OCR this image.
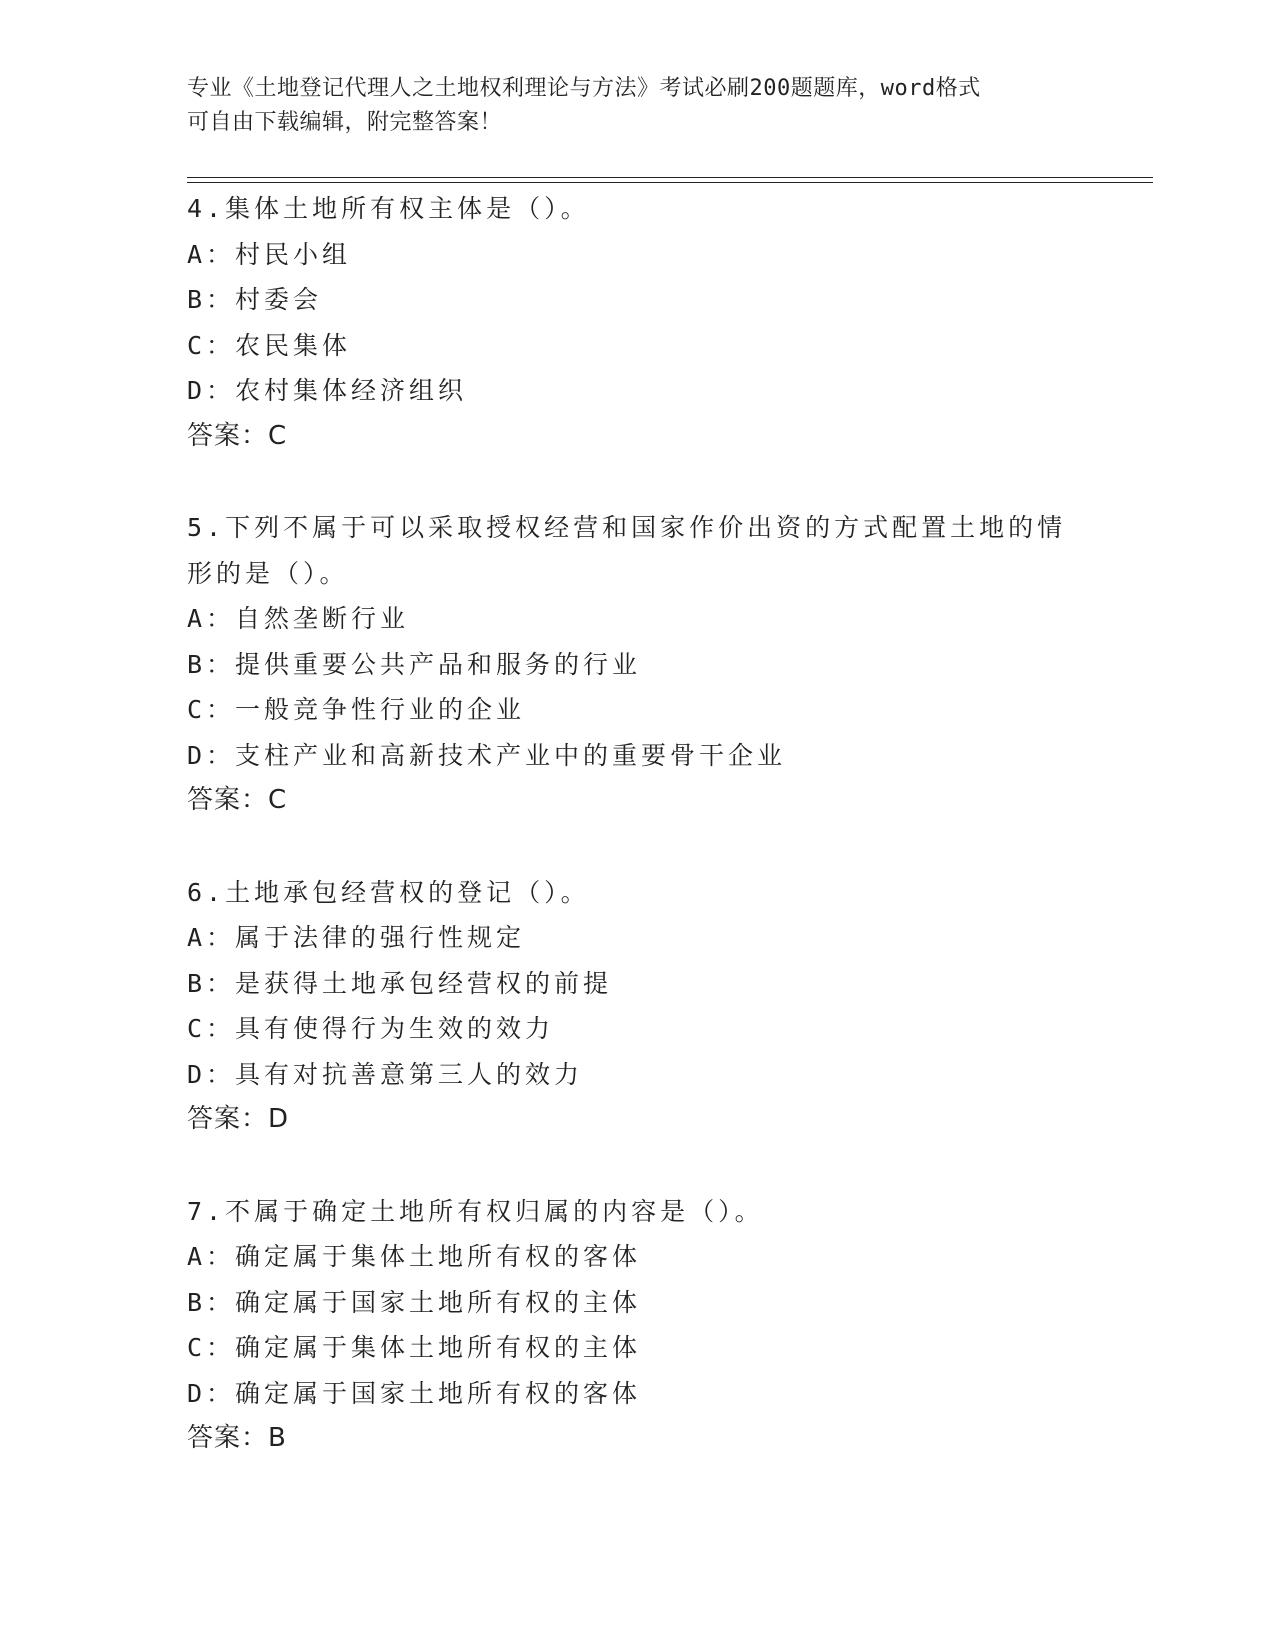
专业《土地登记代理人之土地权利理论与方法》考试必刷200题题库，word格式
可自由下载编辑，附完整答案！
4.集体土地所有权主体是（）。
A：村民小组
B：村委会
C：农民集体
D：农村集体经济组织
答案：C
5.下列不属于可以采取授权经营和国家作价出资的方式配置土地的情
形的是（）。
A：自然垄断行业
B：提供重要公共产品和服务的行业
C：一般竞争性行业的企业
D：支柱产业和高新技术产业中的重要骨干企业
答案：C
6.土地承包经营权的登记（）。
A：属于法律的强行性规定
B：是获得土地承包经营权的前提
C：具有使得行为生效的效力
D：具有对抗善意第三人的效力
答案：D
7.不属于确定土地所有权归属的内容是（）。
A：确定属于集体土地所有权的客体
B：确定属于国家土地所有权的主体
C：确定属于集体土地所有权的主体
D：确定属于国家土地所有权的客体
答案：B
